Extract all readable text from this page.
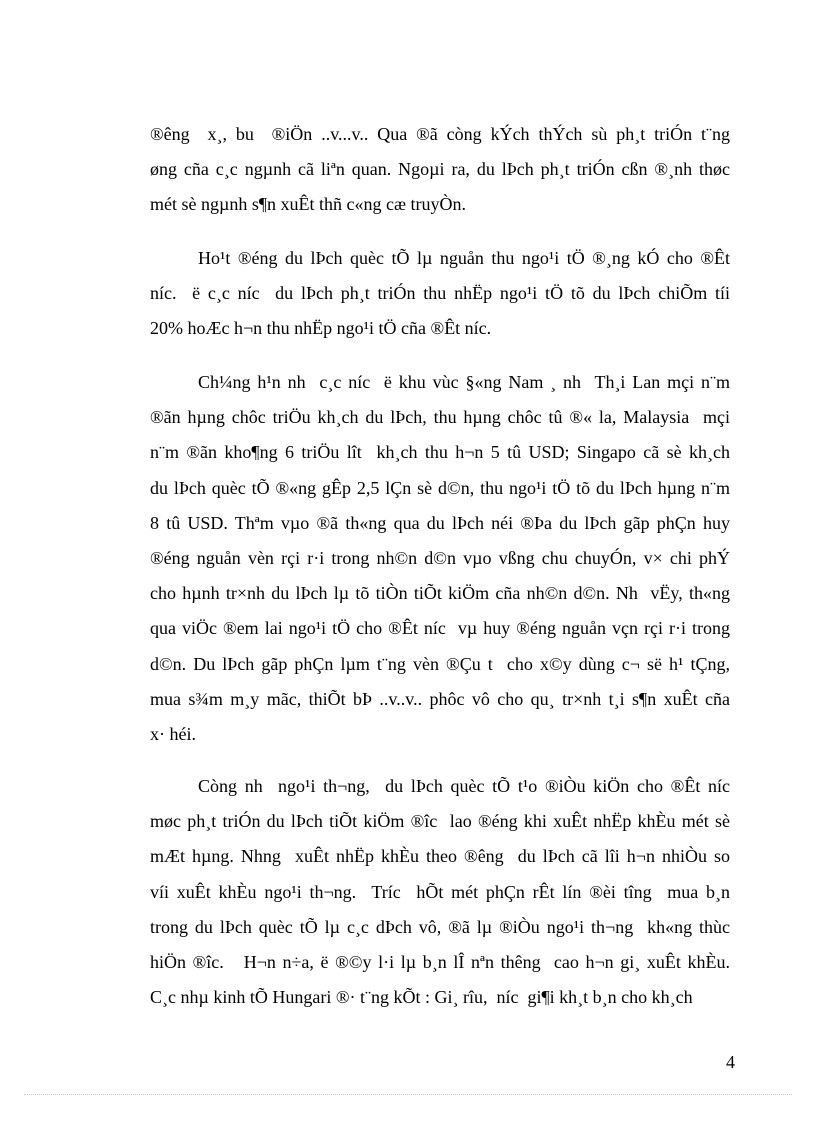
®êng  x¸, bu  ®iÖn ..v...v.. Qua ®ã còng kÝch thÝch sù ph¸t triÓn t¨ng
øng cña c¸c ngµnh cã liªn quan. Ngoµi ra, du lÞch ph¸t triÓn cßn ®¸nh thøc
mét sè ngµnh s¶n xuÊt thñ c«ng cæ truyÒn.

Ho¹t ®éng du lÞch quèc tÕ lµ nguån thu ngo¹i tÖ ®¸ng kÓ cho ®Êt
níc.  ë c¸c níc  du lÞch ph¸t triÓn thu nhËp ngo¹i tÖ tõ du lÞch chiÕm tíi
20% hoÆc h¬n thu nhËp ngo¹i tÖ cña ®Êt níc.

Ch¼ng h¹n nh  c¸c níc  ë khu vùc §«ng Nam ¸ nh  Th¸i Lan mçi n¨m
®ãn hµng chôc triÖu kh¸ch du lÞch, thu hµng chôc tû ®« la, Malaysia  mçi
n¨m ®ãn kho¶ng 6 triÖu lît  kh¸ch thu h¬n 5 tû USD; Singapo cã sè kh¸ch
du lÞch quèc tÕ ®«ng gÊp 2,5 lÇn sè d©n, thu ngo¹i tÖ tõ du lÞch hµng n¨m
8 tû USD. Thªm vµo ®ã th«ng qua du lÞch néi ®Þa du lÞch gãp phÇn huy
®éng nguån vèn rçi r·i trong nh©n d©n vµo vßng chu chuyÓn, v× chi phÝ
cho hµnh tr×nh du lÞch lµ tõ tiÒn tiÕt kiÖm cña nh©n d©n. Nh  vËy, th«ng
qua viÖc ®em lai ngo¹i tÖ cho ®Êt níc  vµ huy ®éng nguån vçn rçi r·i trong
d©n. Du lÞch gãp phÇn lµm t¨ng vèn ®Çu t  cho x©y dùng c¬ së h¹ tÇng,
mua s¾m m¸y mãc, thiÕt bÞ ..v..v.. phôc vô cho qu¸ tr×nh t¸i s¶n xuÊt cña
x· héi.

Còng nh  ngo¹i th¬ng,  du lÞch quèc tÕ t¹o ®iÒu kiÖn cho ®Êt níc
møc ph¸t triÓn du lÞch tiÕt kiÖm ®îc  lao ®éng khi xuÊt nhËp khÈu mét sè
mÆt hµng. Nhng  xuÊt nhËp khÈu theo ®êng  du lÞch cã lîi h¬n nhiÒu so
víi xuÊt khÈu ngo¹i th¬ng.  Tríc  hÕt mét phÇn rÊt lín ®èi tîng  mua b¸n
trong du lÞch quèc tÕ lµ c¸c dÞch vô, ®ã lµ ®iÒu ngo¹i th¬ng  kh«ng thùc
hiÖn ®îc.   H¬n n÷a, ë ®©y l·i lµ b¸n lÎ nªn thêng  cao h¬n gi¸ xuÊt khÈu.
C¸c nhµ kinh tÕ Hungari ®· t¨ng kÕt : Gi¸ rîu,  níc  gi¶i kh¸t b¸n cho kh¸ch

4
